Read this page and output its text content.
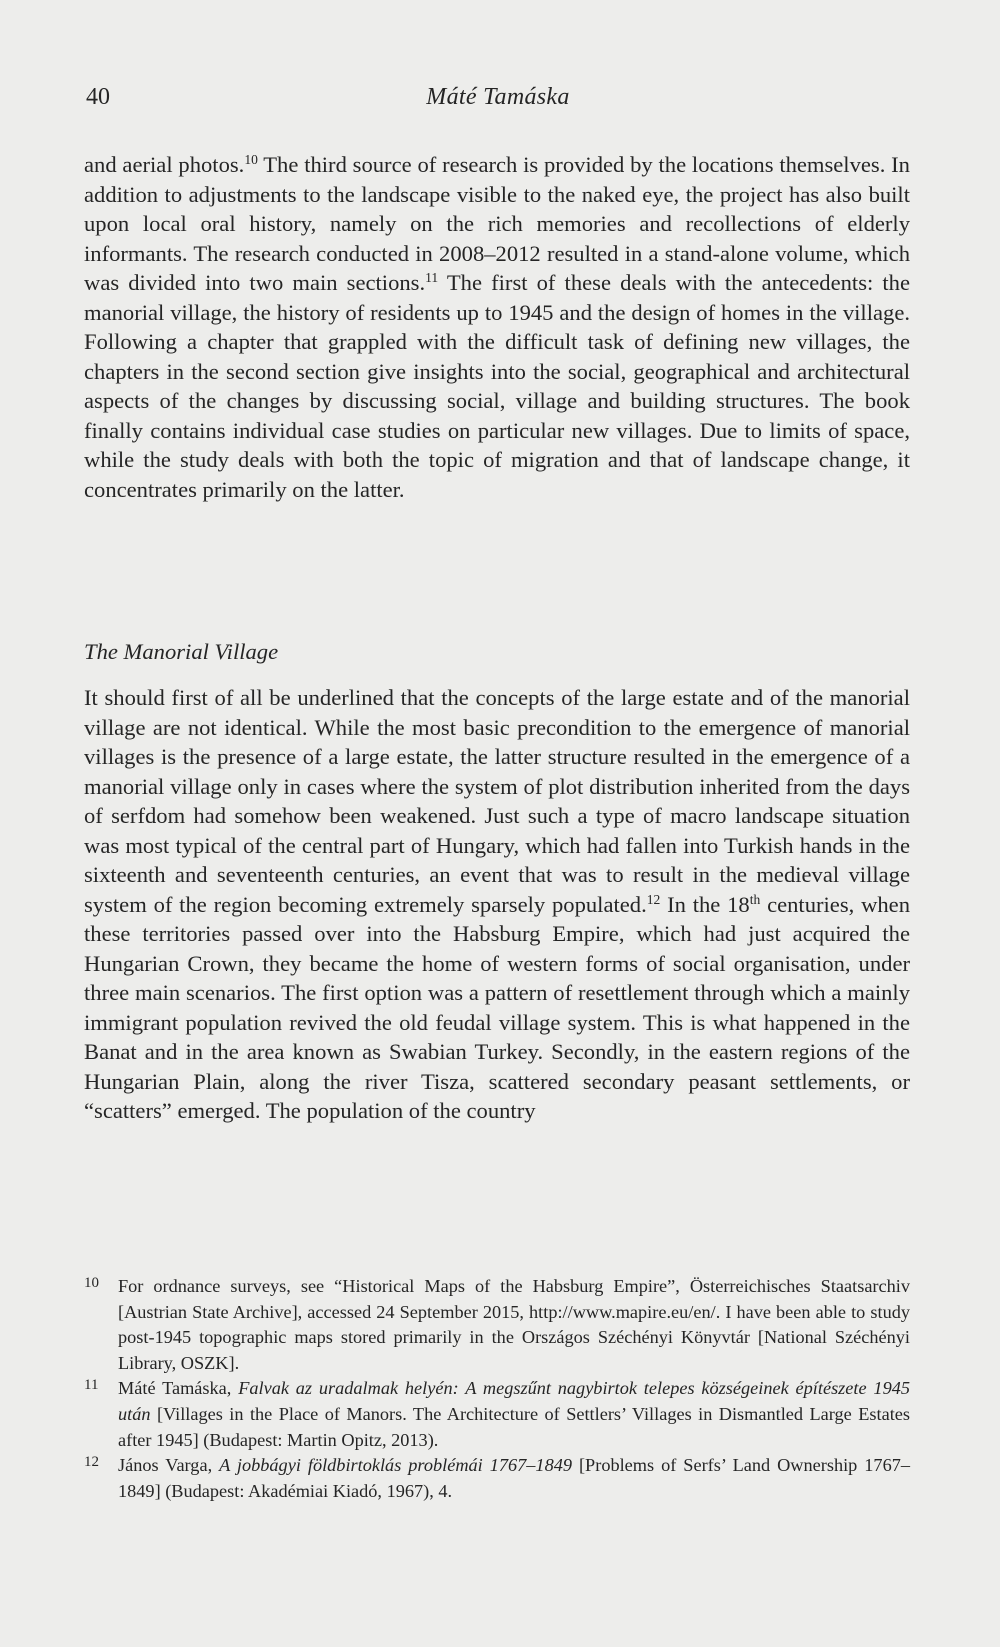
40	Máté Tamáska

and aerial photos.$^{10}$ The third source of research is provided by the locations themselves. In addition to adjustments to the landscape visible to the naked eye, the project has also built upon local oral history, namely on the rich memories and recollections of elderly informants. The research conducted in 2008–2012 resulted in a stand-alone volume, which was divided into two main sections.$^{11}$ The first of these deals with the antecedents: the manorial village, the history of residents up to 1945 and the design of homes in the village. Following a chapter that grappled with the difficult task of defining new villages, the chapters in the second section give insights into the social, geographical and architectural aspects of the changes by discussing social, village and building structures. The book finally contains individual case studies on particular new villages. Due to limits of space, while the study deals with both the topic of migration and that of landscape change, it concentrates primarily on the latter.

The Manorial Village

It should first of all be underlined that the concepts of the large estate and of the manorial village are not identical. While the most basic precondition to the emergence of manorial villages is the presence of a large estate, the latter structure resulted in the emergence of a manorial village only in cases where the system of plot distribution inherited from the days of serfdom had somehow been weakened. Just such a type of macro landscape situation was most typical of the central part of Hungary, which had fallen into Turkish hands in the sixteenth and seventeenth centuries, an event that was to result in the medieval village system of the region becoming extremely sparsely populated.$^{12}$ In the 18th centuries, when these territories passed over into the Habsburg Empire, which had just acquired the Hungarian Crown, they became the home of western forms of social organisation, under three main scenarios. The first option was a pattern of resettlement through which a mainly immigrant population revived the old feudal village system. This is what happened in the Banat and in the area known as Swabian Turkey. Secondly, in the eastern regions of the Hungarian Plain, along the river Tisza, scattered secondary peasant settlements, or “scatters” emerged. The population of the country

10 For ordnance surveys, see “Historical Maps of the Habsburg Empire”, Österreichisches Staatsarchiv [Austrian State Archive], accessed 24 September 2015, http://www.mapire.eu/en/. I have been able to study post-1945 topographic maps stored primarily in the Országos Széchényi Könyvtár [National Széchényi Library, OSZK].
11 Máté Tamáska, Falvak az uradalmak helyén: A megszűnt nagybirtok telepes községeinek építészete 1945 után [Villages in the Place of Manors. The Architecture of Settlers’ Villages in Dismantled Large Estates after 1945] (Budapest: Martin Opitz, 2013).
12 János Varga, A jobbágyi földbirtoklás problémái 1767–1849 [Problems of Serfs’ Land Ownership 1767–1849] (Budapest: Akadémiai Kiadó, 1967), 4.
